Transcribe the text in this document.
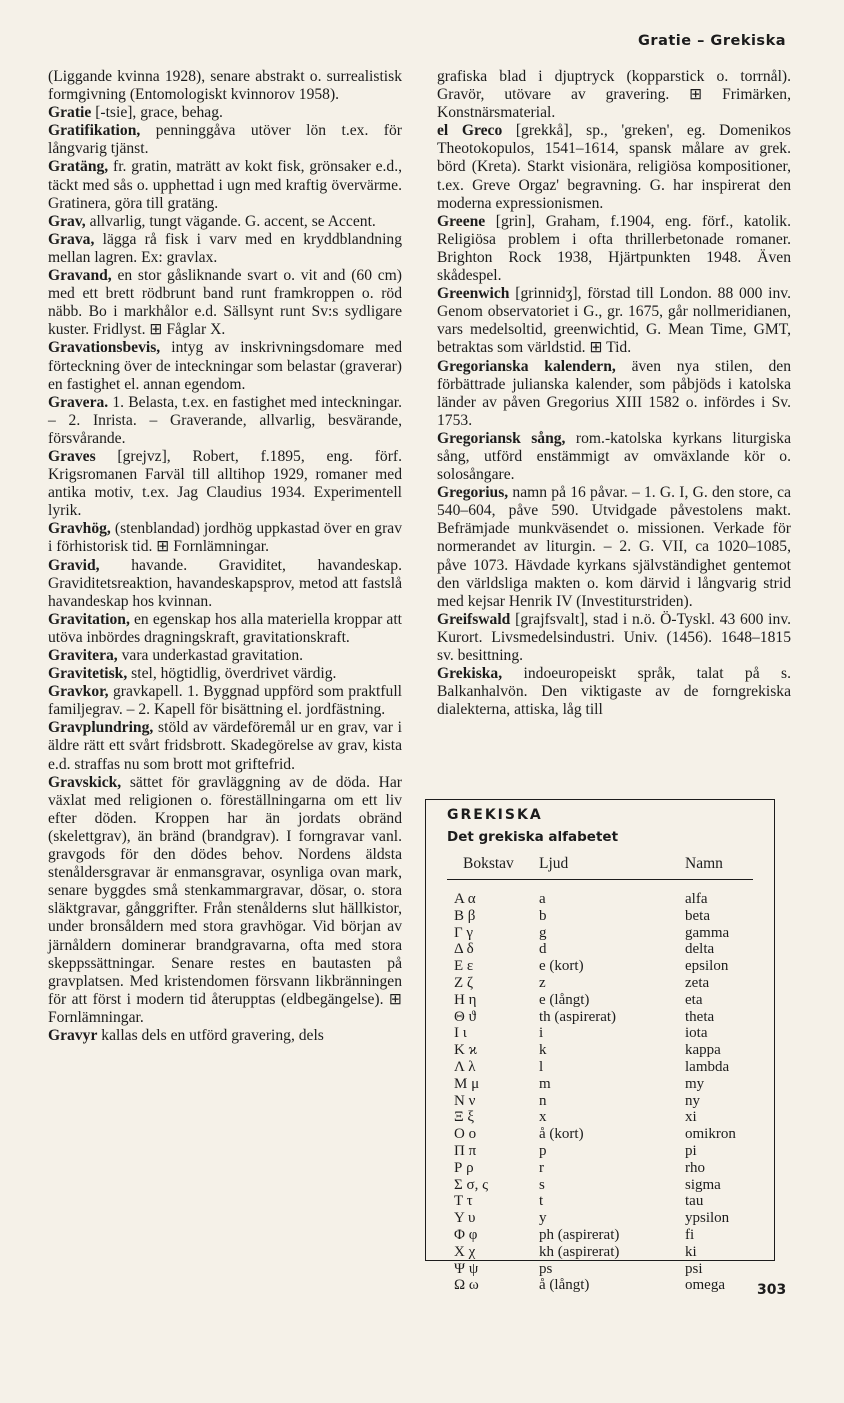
Gratie – Grekiska

(Liggande kvinna 1928), senare abstrakt o. surrealistisk formgivning (Entomologiskt kvinnorov 1958).

Gratie [-tsie], grace, behag.

Gratifikation, penninggåva utöver lön t.ex. för långvarig tjänst.

Gratäng, fr. gratin, maträtt av kokt fisk, grönsaker e.d., täckt med sås o. upphettad i ugn med kraftig övervärme. Gratinera, göra till gratäng.

Grav, allvarlig, tungt vägande. G. accent, se Accent.

Grava, lägga rå fisk i varv med en kryddblandning mellan lagren. Ex: gravlax.

Gravand, en stor gåsliknande svart o. vit and (60 cm) med ett brett rödbrunt band runt framkroppen o. röd näbb. Bo i markhålor e.d. Sällsynt runt Sv:s sydligare kuster. Fridlyst. ⊞ Fåglar X.

Gravationsbevis, intyg av inskrivningsdomare med förteckning över de inteckningar som belastar (graverar) en fastighet el. annan egendom.

Gravera. 1. Belasta, t.ex. en fastighet med inteckningar. – 2. Inrista. – Graverande, allvarlig, besvärande, försvårande.

Graves [grejvz], Robert, f.1895, eng. förf. Krigsromanen Farväl till alltihop 1929, romaner med antika motiv, t.ex. Jag Claudius 1934. Experimentell lyrik.

Gravhög, (stenblandad) jordhög uppkastad över en grav i förhistorisk tid. ⊞ Fornlämningar.

Gravid, havande. Graviditet, havandeskap. Graviditetsreaktion, havandeskapsprov, metod att fastslå havandeskap hos kvinnan.

Gravitation, en egenskap hos alla materiella kroppar att utöva inbördes dragningskraft, gravitationskraft.

Gravitera, vara underkastad gravitation.

Gravitetisk, stel, högtidlig, överdrivet värdig.

Gravkor, gravkapell. 1. Byggnad uppförd som praktfull familjegrav. – 2. Kapell för bisättning el. jordfästning.

Gravplundring, stöld av värdeföremål ur en grav, var i äldre rätt ett svårt fridsbrott. Skadegörelse av grav, kista e.d. straffas nu som brott mot griftefrid.

Gravskick, sättet för gravläggning av de döda. Har växlat med religionen o. föreställningarna om ett liv efter döden. Kroppen har än jordats obränd (skelettgrav), än bränd (brandgrav). I forngravar vanl. gravgods för den dödes behov. Nordens äldsta stenåldersgravar är enmansgravar, osynliga ovan mark, senare byggdes små stenkammargravar, dösar, o. stora släktgravar, gånggrifter. Från stenålderns slut hällkistor, under bronsåldern med stora gravhögar. Vid början av järnåldern dominerar brandgravarna, ofta med stora skeppssättningar. Senare restes en bautasten på gravplatsen. Med kristendomen försvann likbränningen för att först i modern tid återupptas (eldbegängelse). ⊞ Fornlämningar.

Gravyr kallas dels en utförd gravering, dels

grafiska blad i djuptryck (kopparstick o. torrnål). Gravör, utövare av gravering. ⊞ Frimärken, Konstnärsmaterial.

el Greco [grekkå], sp., 'greken', eg. Domenikos Theotokopulos, 1541–1614, spansk målare av grek. börd (Kreta). Starkt visionära, religiösa kompositioner, t.ex. Greve Orgaz' begravning. G. har inspirerat den moderna expressionismen.

Greene [grin], Graham, f.1904, eng. förf., katolik. Religiösa problem i ofta thrillerbetonade romaner. Brighton Rock 1938, Hjärtpunkten 1948. Även skådespel.

Greenwich [grinnidʒ], förstad till London. 88 000 inv. Genom observatoriet i G., gr. 1675, går nollmeridianen, vars medelsoltid, greenwichtid, G. Mean Time, GMT, betraktas som världstid. ⊞ Tid.

Gregorianska kalendern, även nya stilen, den förbättrade julianska kalender, som påbjöds i katolska länder av påven Gregorius XIII 1582 o. infördes i Sv. 1753.

Gregoriansk sång, rom.-katolska kyrkans liturgiska sång, utförd enstämmigt av omväxlande kör o. solosångare.

Gregorius, namn på 16 påvar. – 1. G. I, G. den store, ca 540–604, påve 590. Utvidgade påvestolens makt. Befrämjade munkväsendet o. missionen. Verkade för normerandet av liturgin. – 2. G. VII, ca 1020–1085, påve 1073. Hävdade kyrkans självständighet gentemot den världsliga makten o. kom därvid i långvarig strid med kejsar Henrik IV (Investiturstriden).

Greifswald [grajfsvalt], stad i n.ö. Ö-Tyskl. 43 600 inv. Kurort. Livsmedelsindustri. Univ. (1456). 1648–1815 sv. besittning.

Grekiska, indoeuropeiskt språk, talat på s. Balkanhalvön. Den viktigaste av de forngrekiska dialekterna, attiska, låg till

GREKISKA
Det grekiska alfabetet
Bokstav Ljud	Namn
Α α	a	alfa
Β β	b	beta
Γ γ	g	gamma
Δ δ	d	delta
Ε ε	e (kort)	epsilon
Ζ ζ	z	zeta
Η η	e (långt)	eta
Θ ϑ	th (aspirerat)	theta
Ι ι	i	iota
Κ ϰ	k	kappa
Λ λ	l	lambda
Μ μ	m	my
Ν ν	n	ny
Ξ ξ	x	xi
Ο ο	å (kort)	omikron
Π π	p	pi
Ρ ρ	r	rho
Σ σ, ς	s	sigma
Τ τ	t	tau
Υ υ	y	ypsilon
Φ φ	ph (aspirerat)	fi
Χ χ	kh (aspirerat)	ki
Ψ ψ	ps	psi
Ω ω	å (långt)	omega 303
